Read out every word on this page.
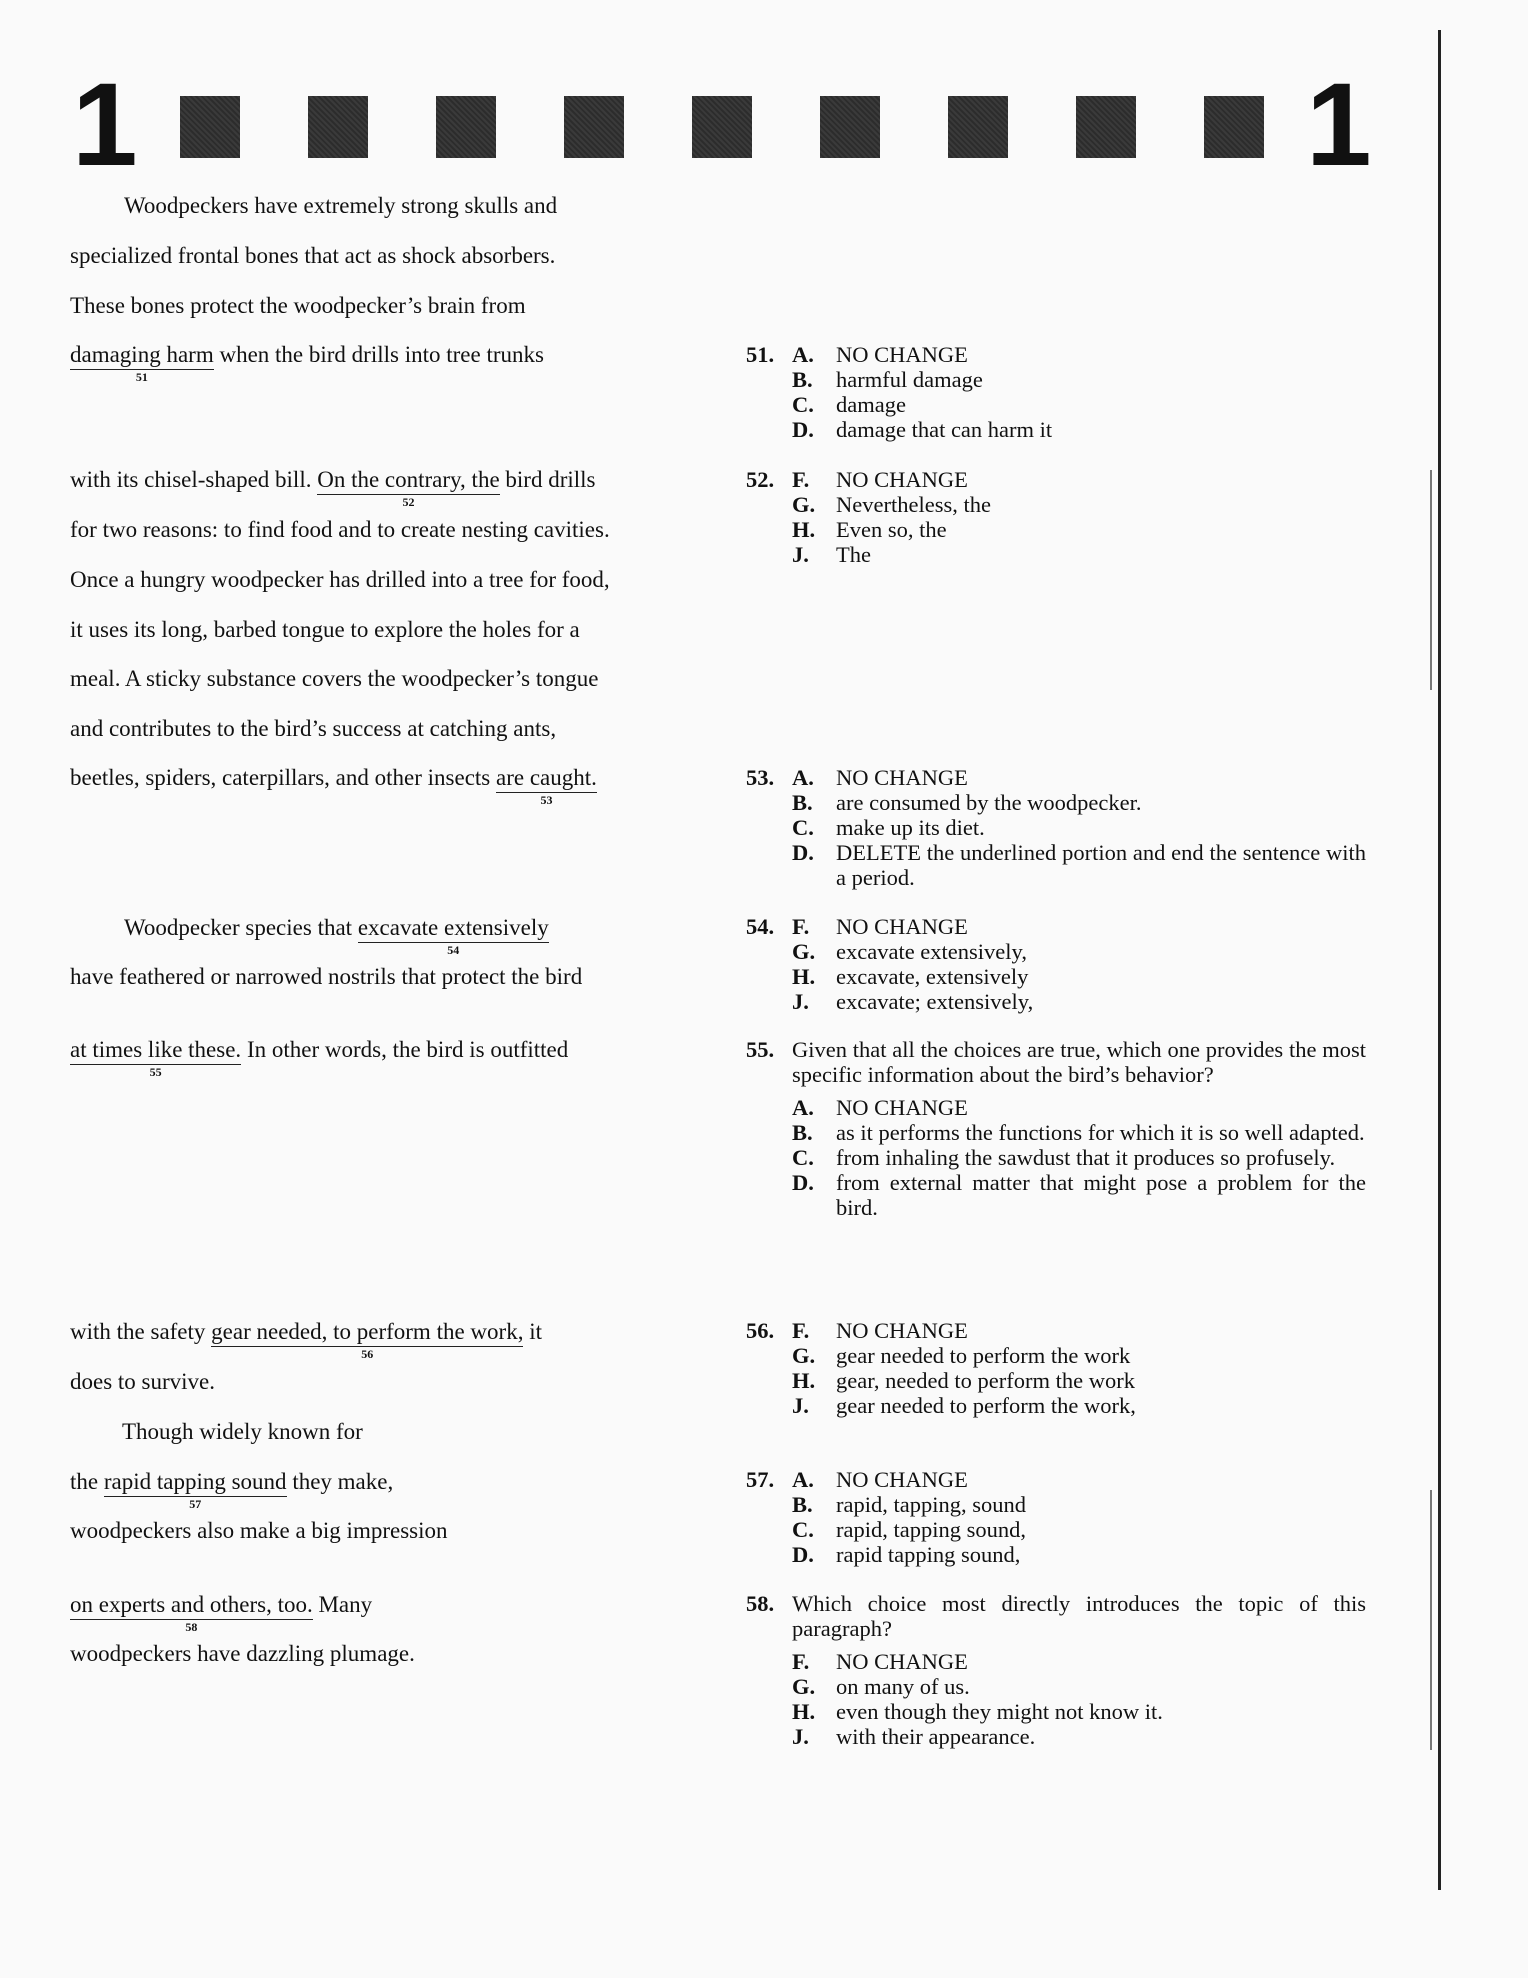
1	1
Woodpeckers have extremely strong skulls and
specialized frontal bones that act as shock absorbers.
These bones protect the woodpecker’s brain from
damaging harm
51
when the bird drills into tree trunks
with its chisel-shaped bill. On the contrary, the
52
bird drills
for two reasons: to find food and to create nesting cavities.
Once a hungry woodpecker has drilled into a tree for food,
it uses its long, barbed tongue to explore the holes for a
meal. A sticky substance covers the woodpecker’s tongue
and contributes to the bird’s success at catching ants,
beetles, spiders, caterpillars, and other insects are caught.
53
Woodpecker species that excavate extensively
54
have feathered or narrowed nostrils that protect the bird
at times like these.
55
In other words, the bird is outfitted
with the safety gear needed, to perform the work,
56
it
does to survive.
Though widely known for
the rapid tapping sound
57
they make,
woodpeckers also make a big impression
on experts and others, too.
58
Many
woodpeckers have dazzling plumage.
51. A. NO CHANGE
B. harmful damage
C. damage
D. damage that can harm it
52. F. NO CHANGE
G. Nevertheless, the
H. Even so, the
J. The
53. A. NO CHANGE
B. are consumed by the woodpecker.
C. make up its diet.
D. DELETE the underlined portion and end the sentence with a period.
54. F. NO CHANGE
G. excavate extensively,
H. excavate, extensively
J. excavate; extensively,
55. Given that all the choices are true, which one provides the most specific information about the bird’s behavior?
A. NO CHANGE
B. as it performs the functions for which it is so well adapted.
C. from inhaling the sawdust that it produces so profusely.
D. from external matter that might pose a problem for the bird.
56. F. NO CHANGE
G. gear needed to perform the work
H. gear, needed to perform the work
J. gear needed to perform the work,
57. A. NO CHANGE
B. rapid, tapping, sound
C. rapid, tapping sound,
D. rapid tapping sound,
58. Which choice most directly introduces the topic of this paragraph?
F. NO CHANGE
G. on many of us.
H. even though they might not know it.
J. with their appearance.
